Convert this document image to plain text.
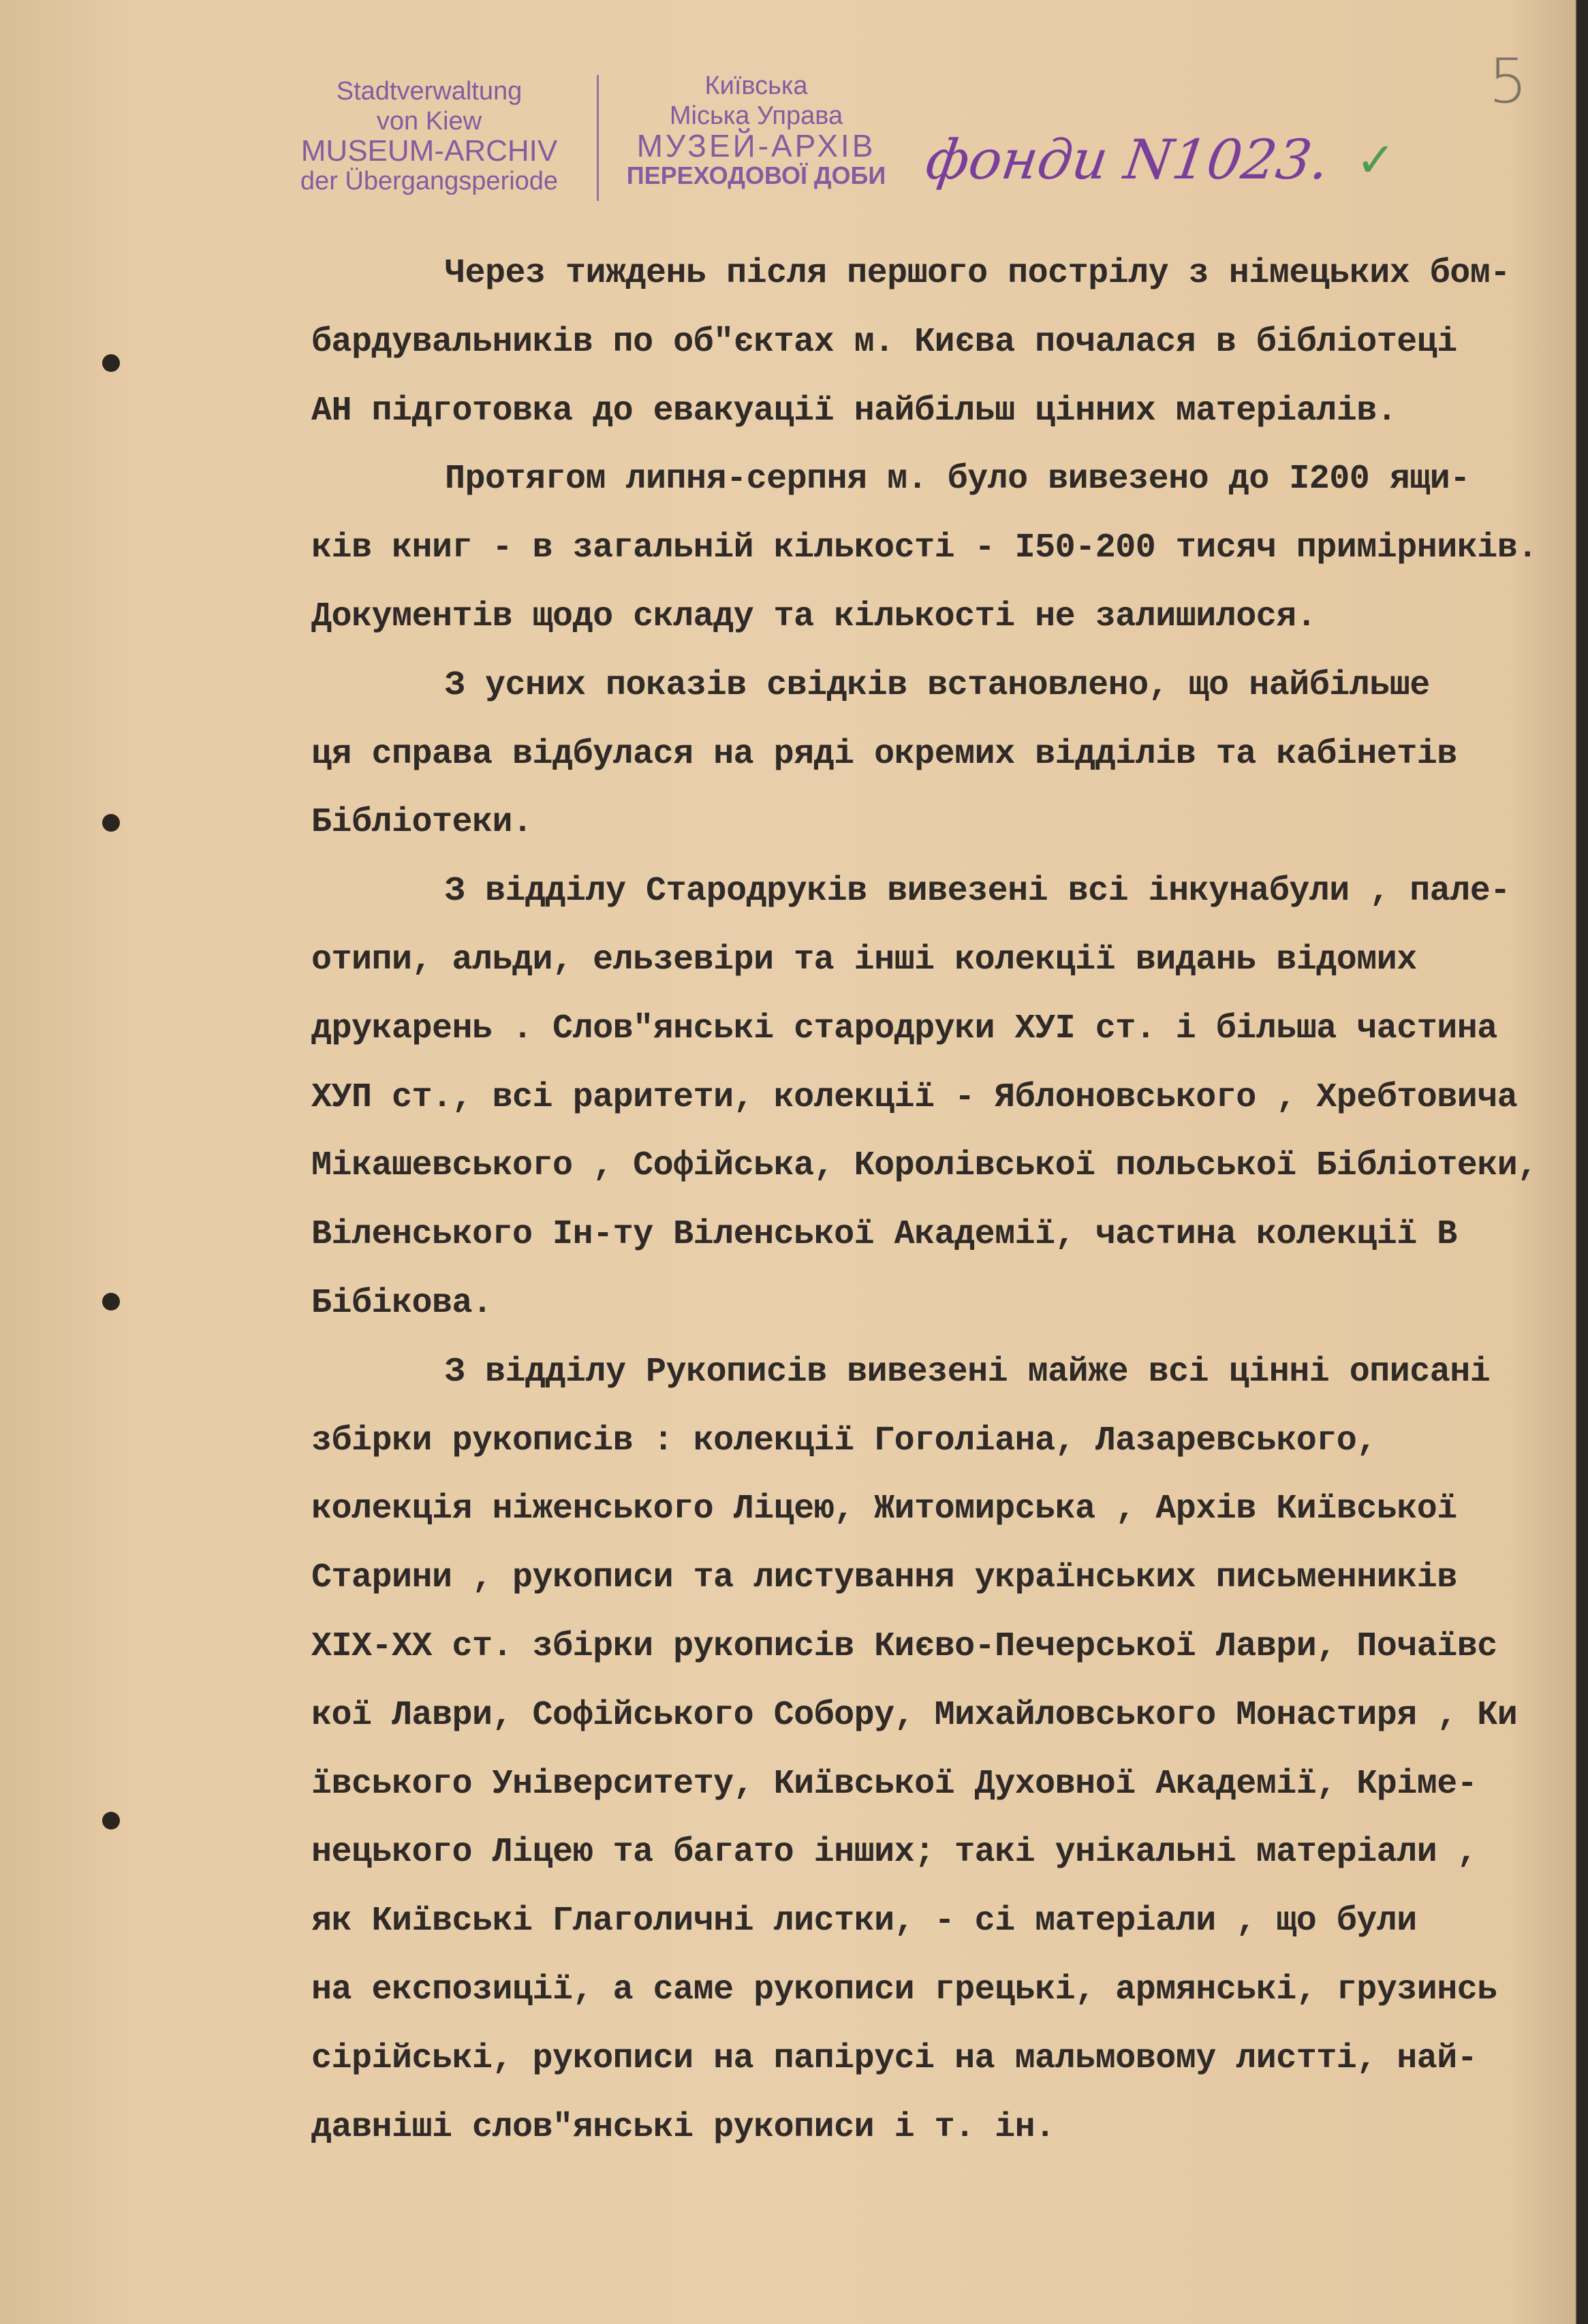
Stadtverwaltung
von Kiew
MUSEUM-ARCHIV
der Übergangsperiode
Київська
Міська Управа
МУЗЕЙ-АРХІВ
ПЕРЕХОДОВОЇ ДОБИ фонди N1023. ✓
5
Через тиждень після першого пострілу з німецьких бом-
бардувальників по об"єктах м. Києва почалася в бібліотеці
АН підготовка до евакуації найбільш цінних матеріалів.
Протягом липня-серпня м. було вивезено до І200 ящи-
ків книг - в загальній кількості - І50-200 тисяч примірників.
Документів щодо складу та кількості не залишилося.
З усних показів свідків встановлено, що найбільше
ця справа відбулася на ряді окремих відділів та кабінетів
Бібліотеки.
З відділу Стародруків вивезені всі інкунабули , пале-
отипи, альди, ельзевіри та інші колекції видань відомих
друкарень . Слов"янські стародруки ХУІ ст. і більша частина
ХУП ст., всі раритети, колекції - Яблоновського , Хребтовича
Мікашевського , Софійська, Королівської польської Бібліотеки,
Віленського Ін-ту Віленської Академії, частина колекції В
Бібікова.
З відділу Рукописів вивезені майже всі цінні описані
збірки рукописів : колекції Гоголіана, Лазаревського,
колекція ніженського Ліцею, Житомирська , Архів Київської
Старини , рукописи та листування українських письменників
ХІХ-ХХ ст. збірки рукописів Києво-Печерської Лаври, Почаївс
кої Лаври, Софійського Собору, Михайловського Монастиря , Ки
ївського Університету, Київської Духовної Академії, Кріме-
нецького Ліцею та багато інших; такі унікальні матеріали ,
як Київські Глаголичні листки, - сі матеріали , що були
на експозиції, а саме рукописи грецькі, армянські, грузинсь
сірійські, рукописи на папірусі на мальмовому листті, най-
давніші слов"янські рукописи і т. ін.
